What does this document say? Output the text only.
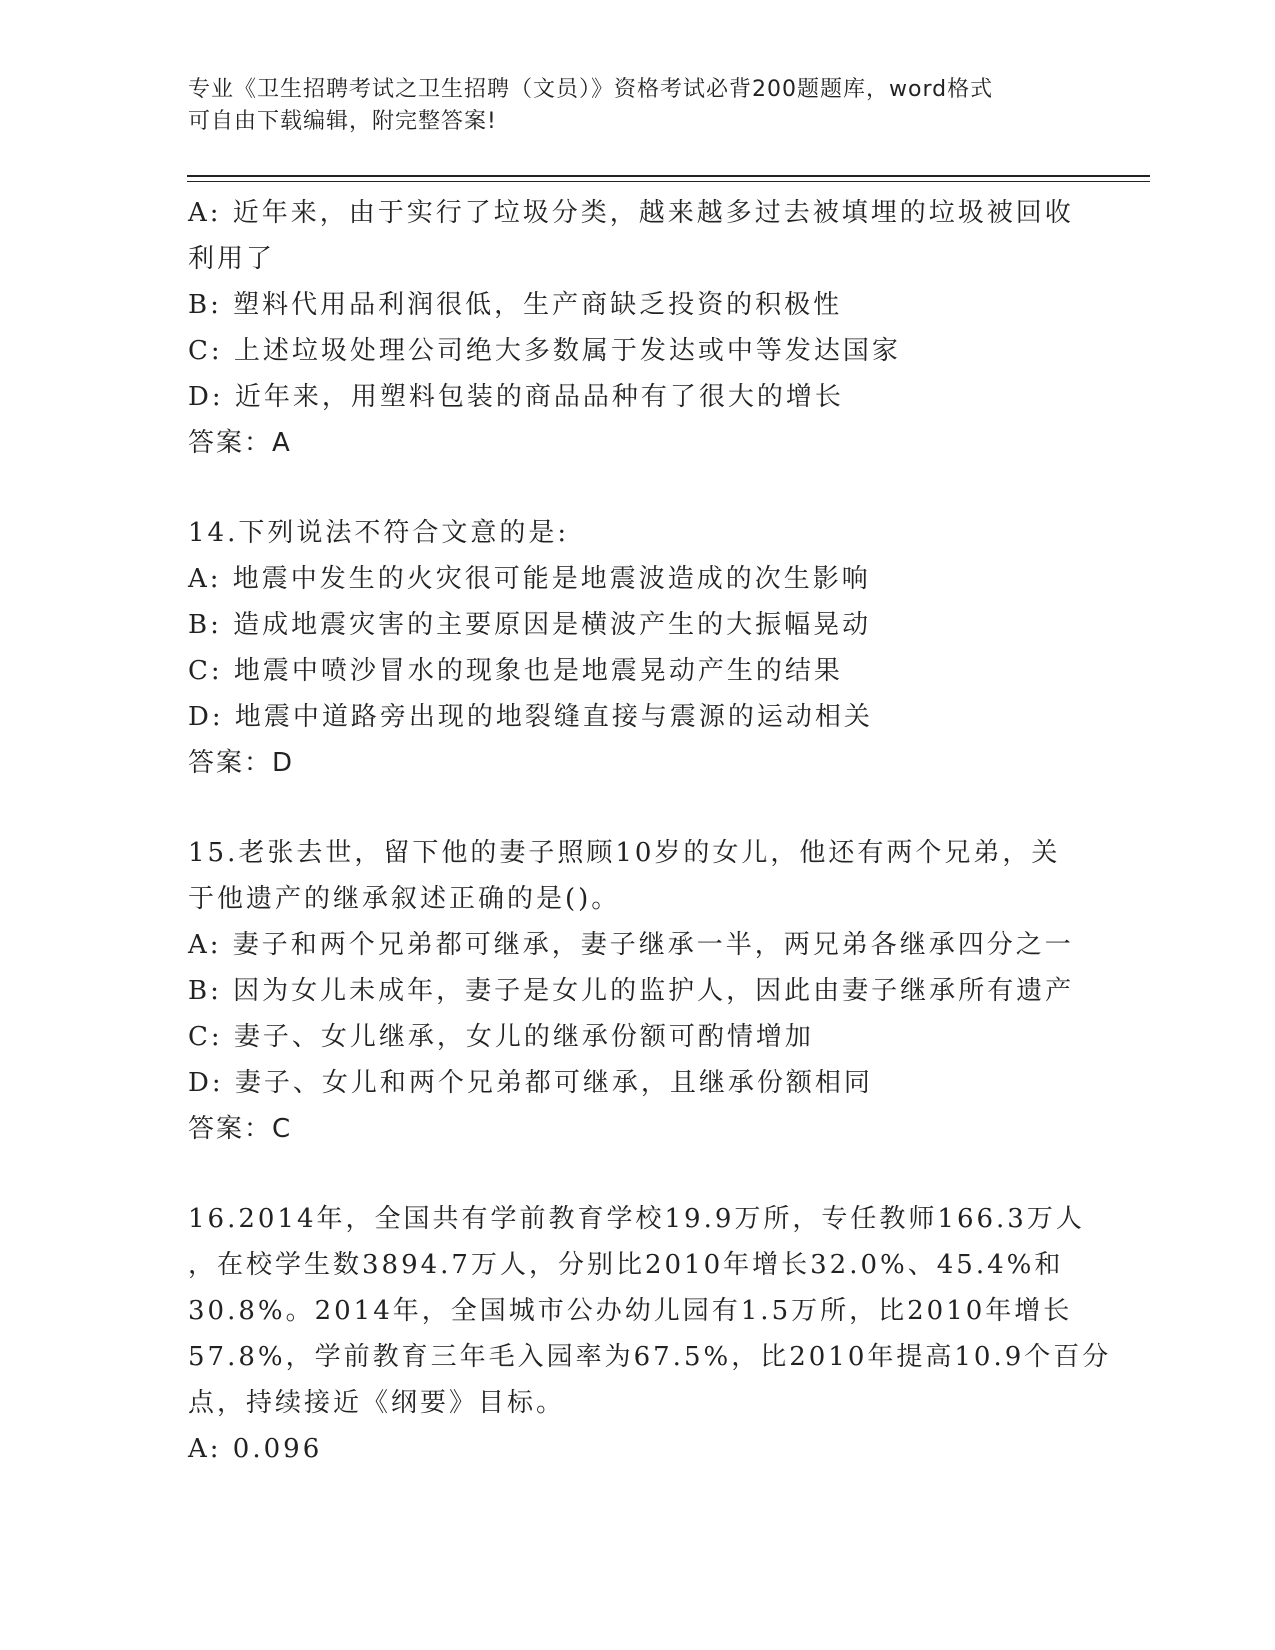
专业《卫生招聘考试之卫生招聘（文员）》资格考试必背200题题库，word格式
可自由下载编辑，附完整答案!
A: 近年来，由于实行了垃圾分类，越来越多过去被填埋的垃圾被回收
利用了
B: 塑料代用品利润很低，生产商缺乏投资的积极性
C: 上述垃圾处理公司绝大多数属于发达或中等发达国家
D: 近年来，用塑料包装的商品品种有了很大的增长
答案：A
14.下列说法不符合文意的是:
A: 地震中发生的火灾很可能是地震波造成的次生影响
B: 造成地震灾害的主要原因是横波产生的大振幅晃动
C: 地震中喷沙冒水的现象也是地震晃动产生的结果
D: 地震中道路旁出现的地裂缝直接与震源的运动相关
答案：D
15.老张去世，留下他的妻子照顾10岁的女儿，他还有两个兄弟，关
于他遗产的继承叙述正确的是()。
A: 妻子和两个兄弟都可继承，妻子继承一半，两兄弟各继承四分之一
B: 因为女儿未成年，妻子是女儿的监护人，因此由妻子继承所有遗产
C: 妻子、女儿继承，女儿的继承份额可酌情增加
D: 妻子、女儿和两个兄弟都可继承，且继承份额相同
答案：C
16.2014年，全国共有学前教育学校19.9万所，专任教师166.3万人
，在校学生数3894.7万人，分别比2010年增长32.0%、45.4%和
30.8%。2014年，全国城市公办幼儿园有1.5万所，比2010年增长
57.8%，学前教育三年毛入园率为67.5%，比2010年提高10.9个百分
点，持续接近《纲要》目标。
A: 0.096
